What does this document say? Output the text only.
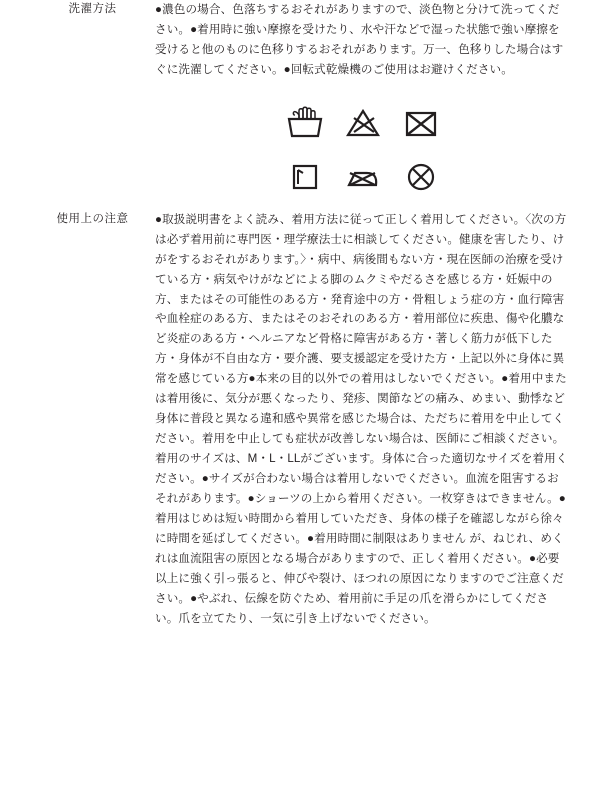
洗濯方法	●濃色の場合、色落ちするおそれがありますので、淡色物と分けて洗ってください。●着用時に強い摩擦を受けたり、水や汗などで湿った状態で強い摩擦を受けると他のものに色移りするおそれがあります。万一、色移りした場合はすぐに洗濯してください。●回転式乾燥機のご使用はお避けください。

使用上の注意	●取扱説明書をよく読み、着用方法に従って正しく着用してください。〈次の方は必ず着用前に専門医・理学療法士に相談してください。健康を害したり、けがをするおそれがあります。〉・病中、病後間もない方・現在医師の治療を受けている方・病気やけがなどによる脚のムクミやだるさを感じる方・妊娠中の方、またはその可能性のある方・発育途中の方・骨粗しょう症の方・血行障害や血栓症のある方、またはそのおそれのある方・着用部位に疾患、傷や化膿など炎症のある方・ヘルニアなど骨格に障害がある方・著しく筋力が低下した方・身体が不自由な方・要介護、要支援認定を受けた方・上記以外に身体に異常を感じている方●本来の目的以外での着用はしないでください。●着用中または着用後に、気分が悪くなったり、発疹、関節などの痛み、めまい、動悸など身体に普段と異なる違和感や異常を感じた場合は、ただちに着用を中止してください。着用を中止しても症状が改善しない場合は、医師にご相談ください。着用のサイズは、M・L・LLがございます。身体に合った適切なサイズを着用ください。●サイズが合わない場合は着用しないでください。血流を阻害するおそれがあります。●ショーツの上から着用ください。一枚穿きはできません。●着用はじめは短い時間から着用していただき、身体の様子を確認しながら徐々に時間を延ばしてください。●着用時間に制限はありません が、ねじれ、めくれは血流阻害の原因となる場合がありますので、正しく着用ください。●必要以上に強く引っ張ると、伸びや裂け、ほつれの原因になりますのでご注意ください。●やぶれ、伝線を防ぐため、着用前に手足の爪を滑らかにしてください。爪を立てたり、一気に引き上げないでください。
